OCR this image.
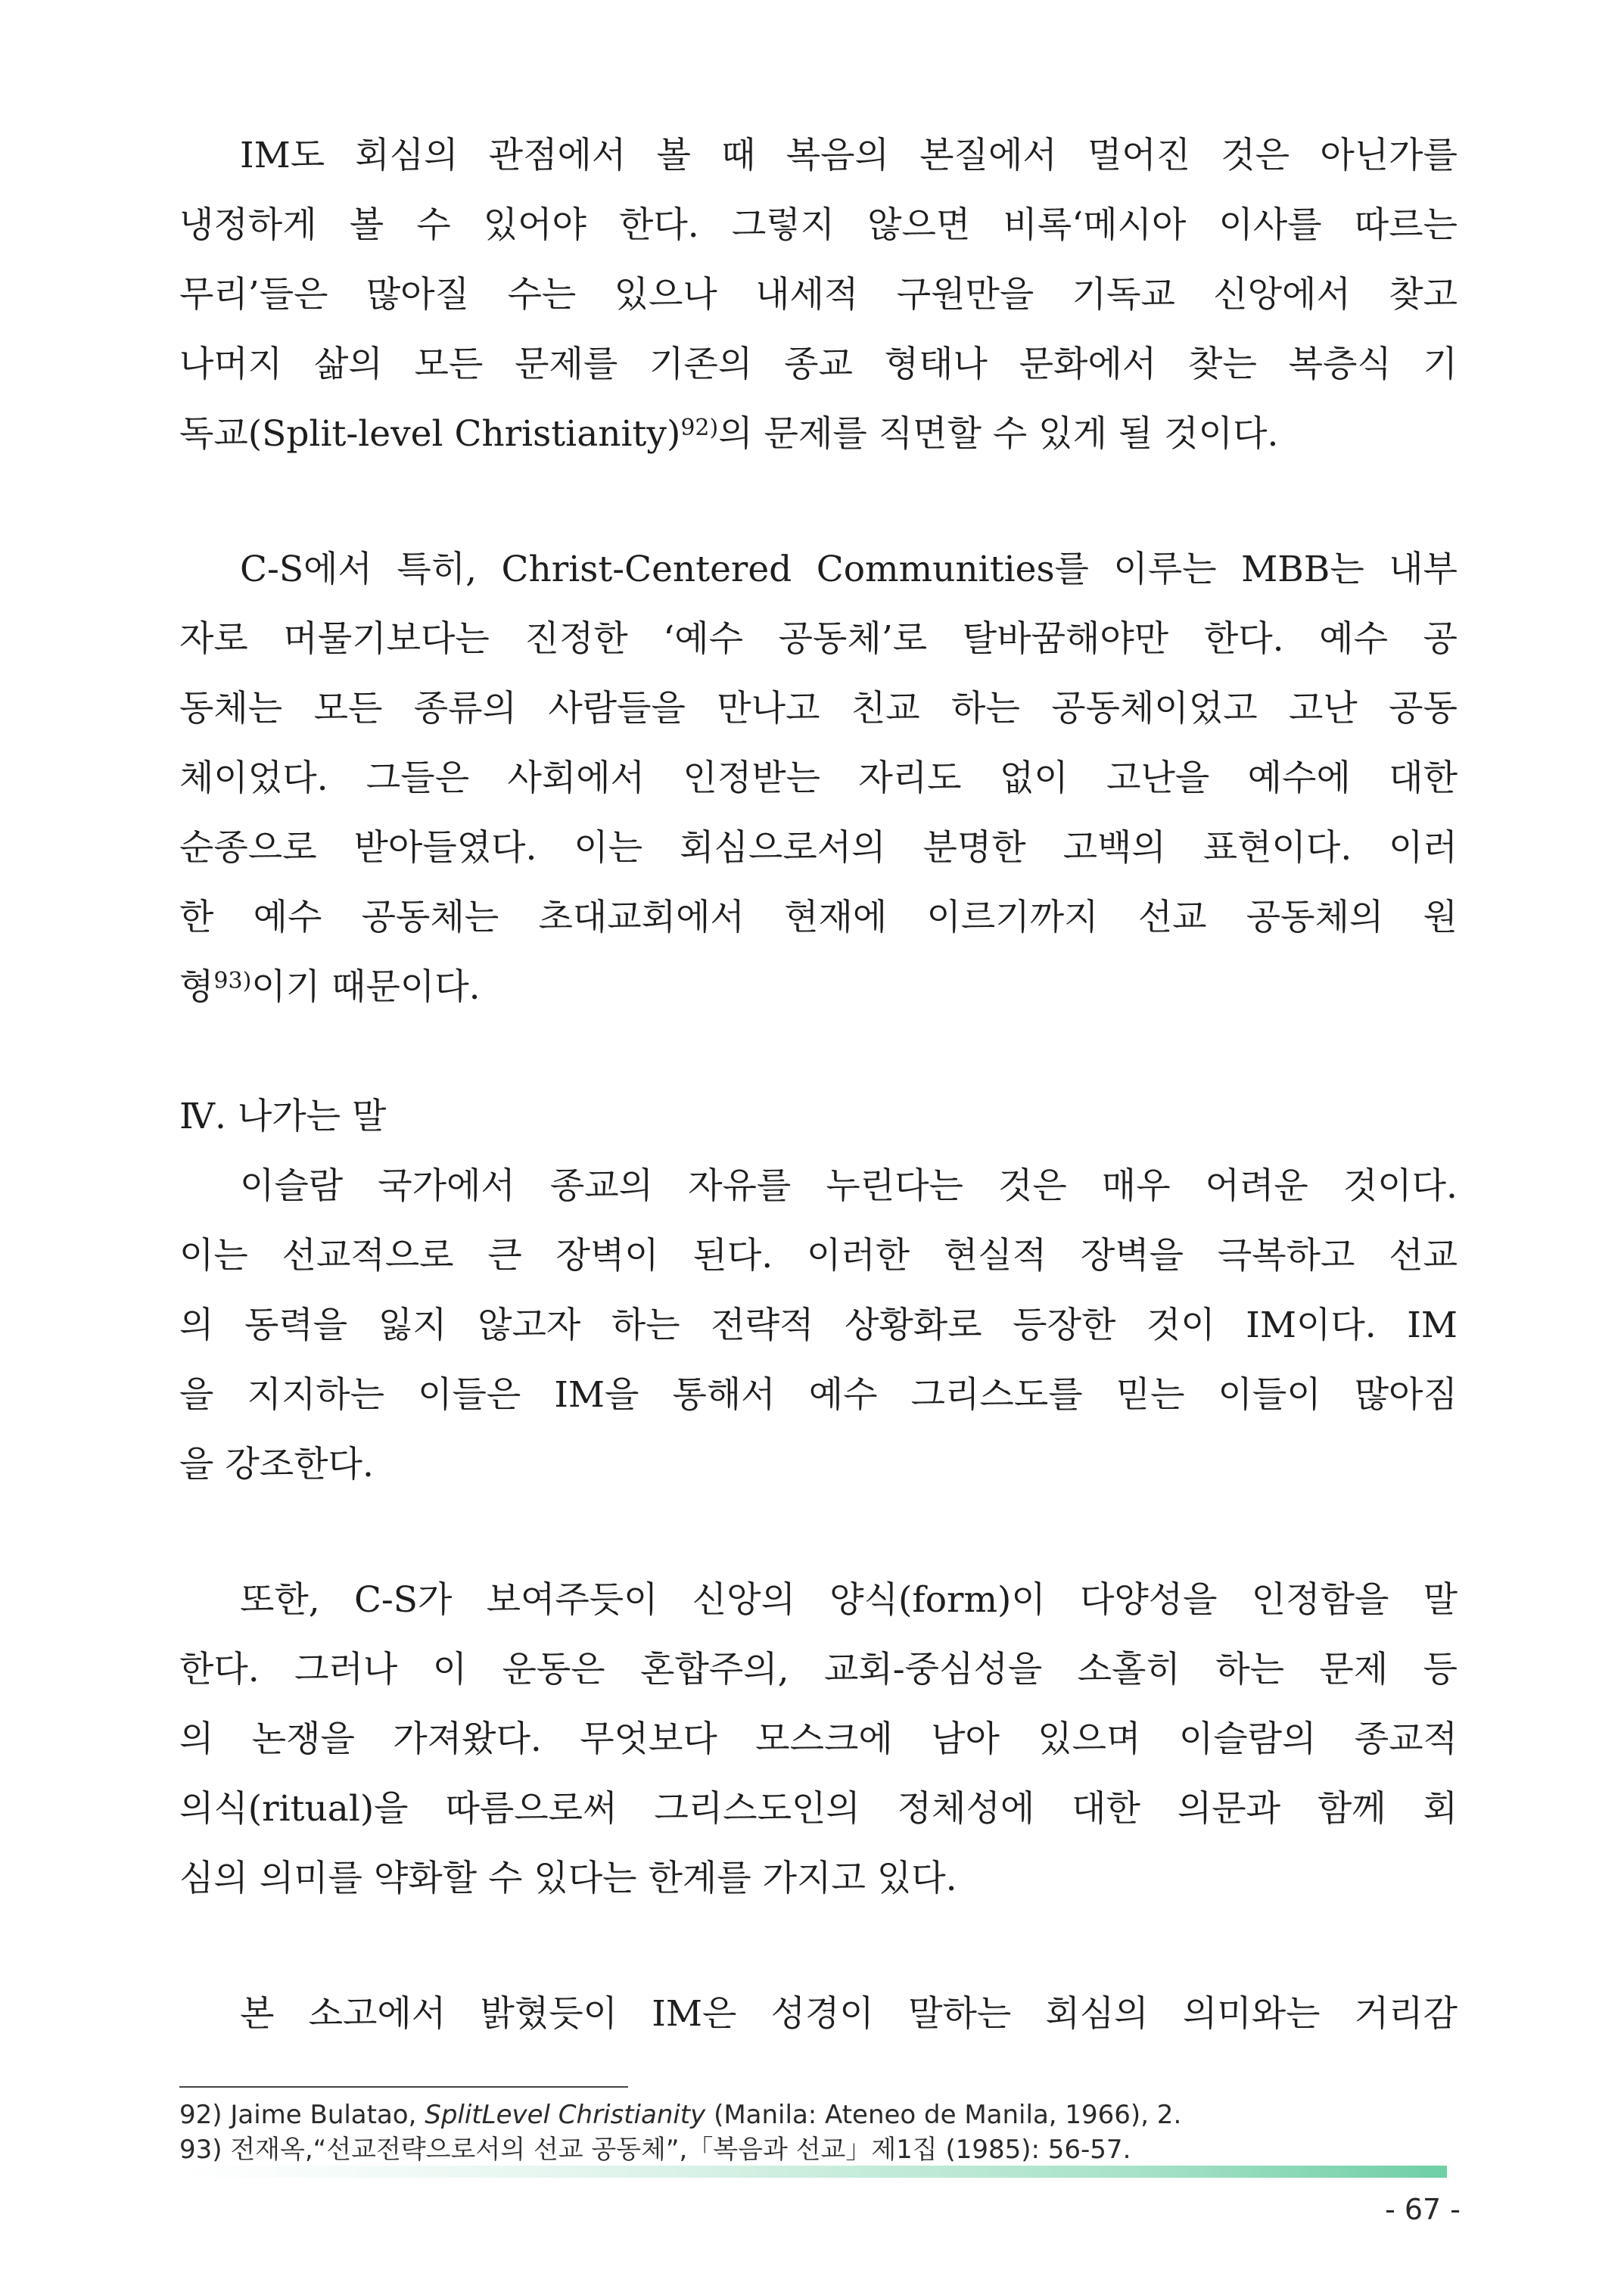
IM도 회심의 관점에서 볼 때 복음의 본질에서 멀어진 것은 아닌가를
냉정하게 볼 수 있어야 한다. 그렇지 않으면 비록‘메시아 이사를 따르는
무리’들은 많아질 수는 있으나 내세적 구원만을 기독교 신앙에서 찾고
나머지 삶의 모든 문제를 기존의 종교 형태나 문화에서 찾는 복층식 기
독교(Split-level Christianity)$^{92)}$의 문제를 직면할 수 있게 될 것이다.
C-S에서 특히, Christ-Centered Communities를 이루는 MBB는 내부
자로 머물기보다는 진정한 ‘예수 공동체’로 탈바꿈해야만 한다. 예수 공
동체는 모든 종류의 사람들을 만나고 친교 하는 공동체이었고 고난 공동
체이었다. 그들은 사회에서 인정받는 자리도 없이 고난을 예수에 대한
순종으로 받아들였다. 이는 회심으로서의 분명한 고백의 표현이다. 이러
한 예수 공동체는 초대교회에서 현재에 이르기까지 선교 공동체의 원
형$^{93)}$이기 때문이다.
Ⅳ. 나가는 말
이슬람 국가에서 종교의 자유를 누린다는 것은 매우 어려운 것이다.
이는 선교적으로 큰 장벽이 된다. 이러한 현실적 장벽을 극복하고 선교
의 동력을 잃지 않고자 하는 전략적 상황화로 등장한 것이 IM이다. IM
을 지지하는 이들은 IM을 통해서 예수 그리스도를 믿는 이들이 많아짐
을 강조한다.
또한, C-S가 보여주듯이 신앙의 양식(form)이 다양성을 인정함을 말
한다. 그러나 이 운동은 혼합주의, 교회-중심성을 소홀히 하는 문제 등
의 논쟁을 가져왔다. 무엇보다 모스크에 남아 있으며 이슬람의 종교적
의식(ritual)을 따름으로써 그리스도인의 정체성에 대한 의문과 함께 회
심의 의미를 약화할 수 있다는 한계를 가지고 있다.
본 소고에서 밝혔듯이 IM은 성경이 말하는 회심의 의미와는 거리감
92) Jaime Bulatao, SplitLevel Christianity (Manila: Ateneo de Manila, 1966), 2.
93) 전재옥,“선교전략으로서의 선교 공동체”,「복음과 선교」제1집 (1985): 56-57.
- 67 -
